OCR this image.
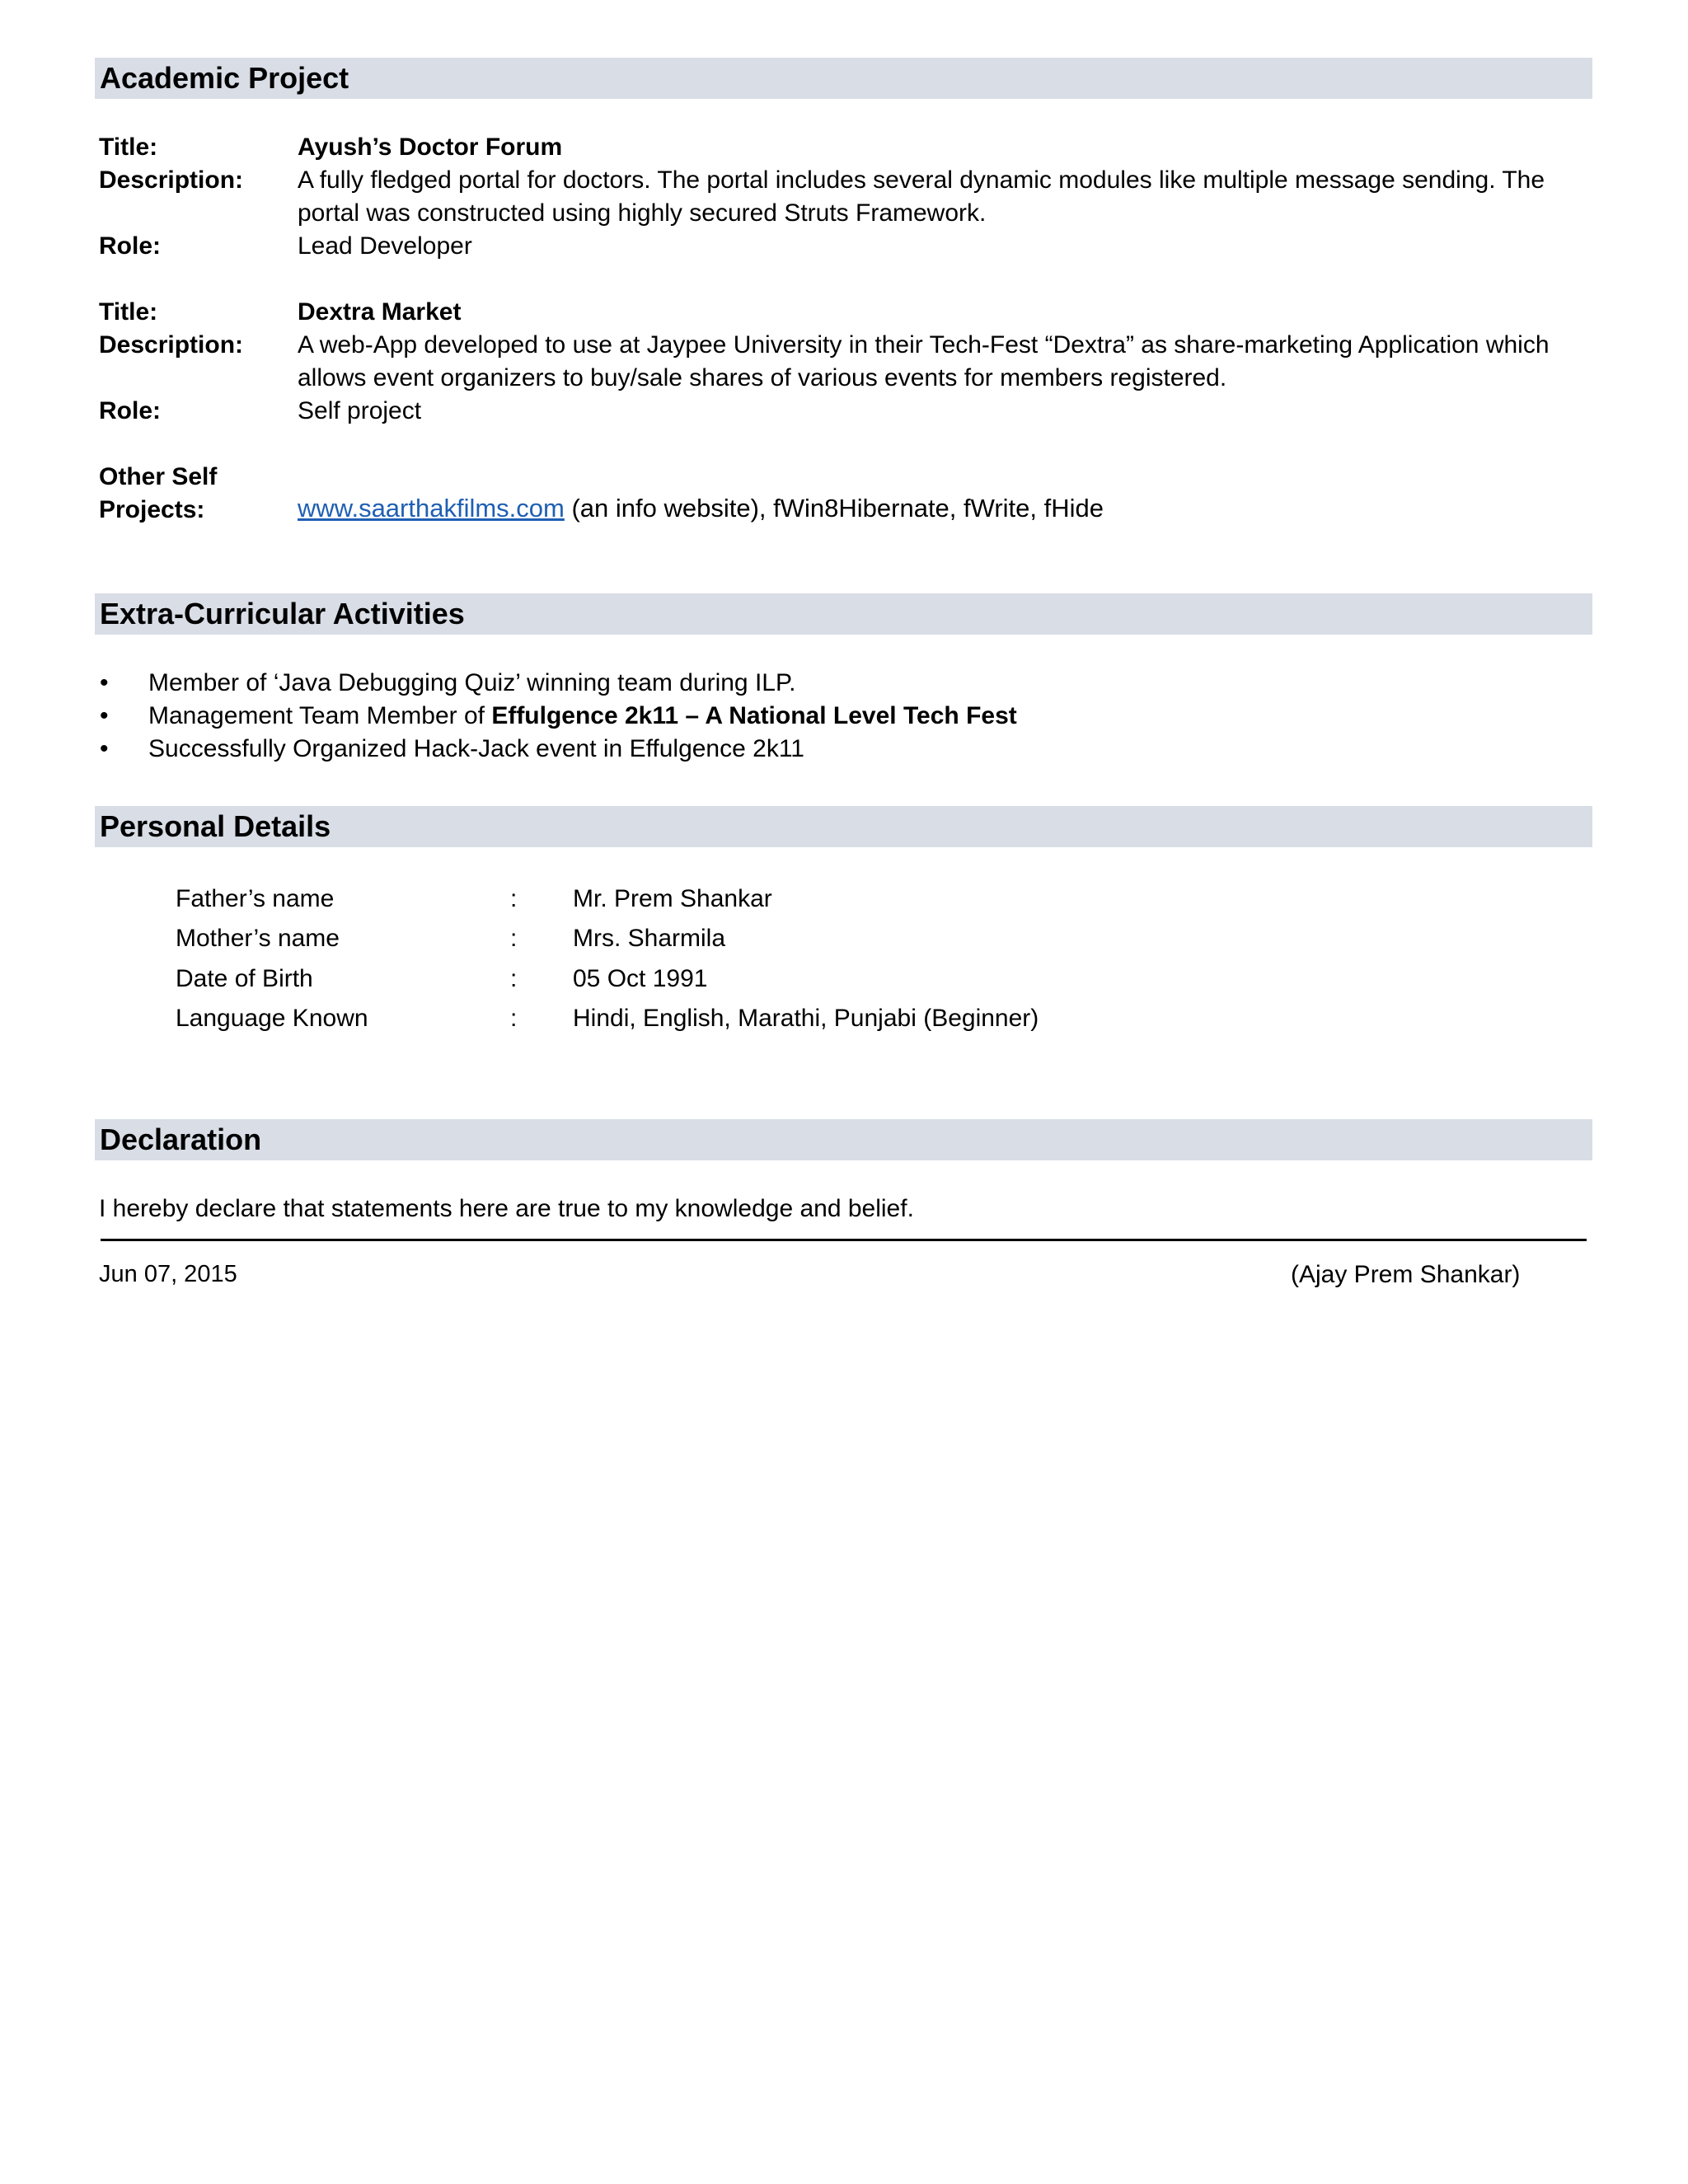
Academic Project
Title:	Ayush’s Doctor Forum
Description: A fully fledged portal for doctors. The portal includes several dynamic modules like multiple message sending. The
portal was constructed using highly secured Struts Framework.
Role:	Lead Developer
Title:	Dextra Market
Description: A web-App developed to use at Jaypee University in their Tech-Fest “Dextra” as share-marketing Application which
allows event organizers to buy/sale shares of various events for members registered.
Role:	Self project
Other Self
Projects:	www.saarthakfilms.com (an info website), fWin8Hibernate, fWrite, fHide
Extra-Curricular Activities
• Member of ‘Java Debugging Quiz’ winning team during ILP.
• Management Team Member of Effulgence 2k11 – A National Level Tech Fest
• Successfully Organized Hack-Jack event in Effulgence 2k11
Personal Details
Father’s name	: Mr. Prem Shankar
Mother’s name	: Mrs. Sharmila
Date of Birth	: 05 Oct 1991
Language Known	: Hindi, English, Marathi, Punjabi (Beginner)
Declaration
I hereby declare that statements here are true to my knowledge and belief.
Jun 07, 2015	(Ajay Prem Shankar)
